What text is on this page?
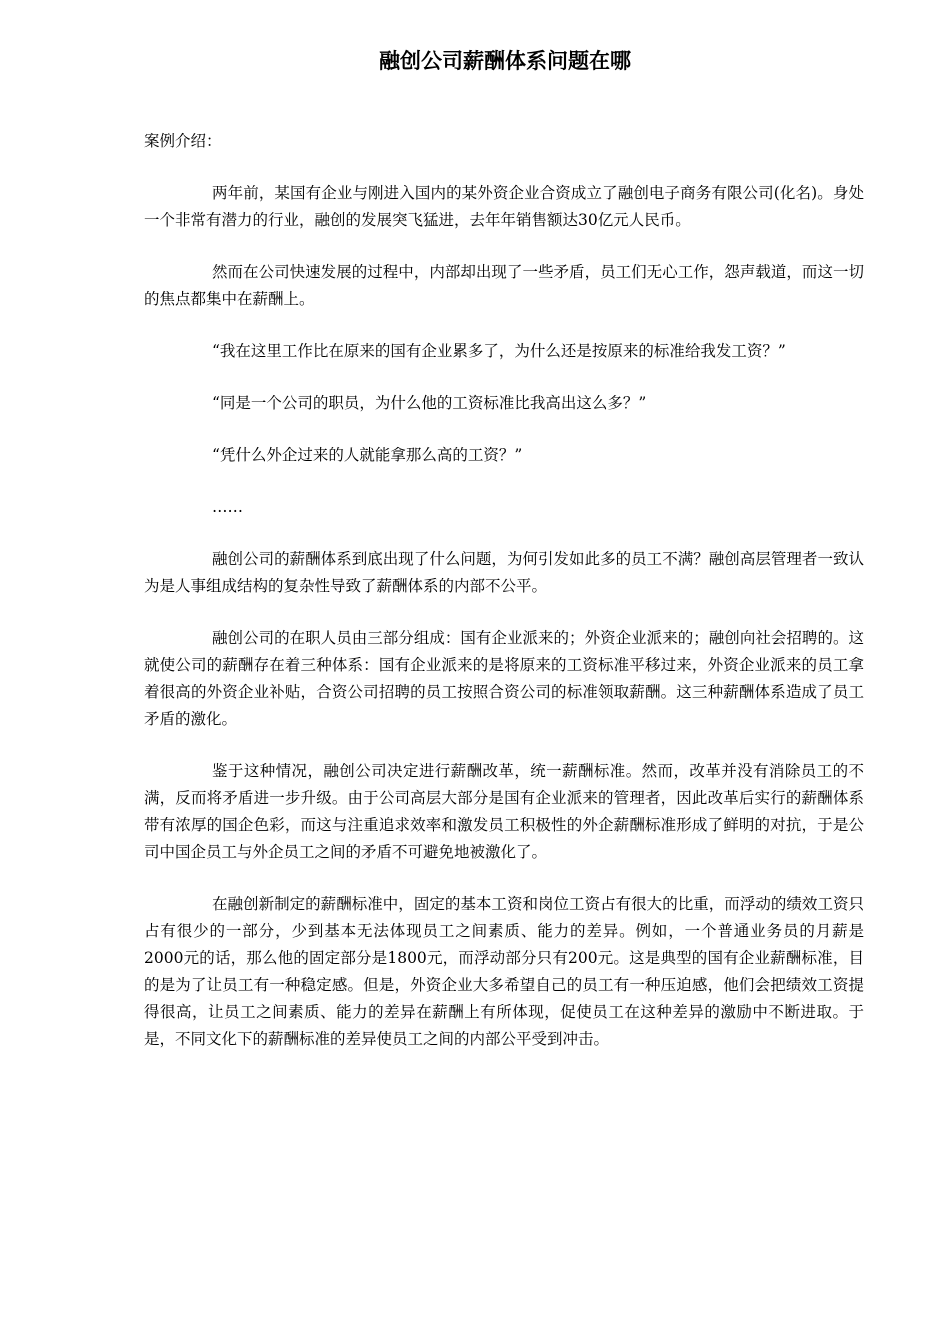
融创公司薪酬体系问题在哪

案例介绍：

两年前，某国有企业与刚进入国内的某外资企业合资成立了融创电子商务有限公司(化名)。身处一个非常有潜力的行业，融创的发展突飞猛进，去年年销售额达30亿元人民币。

然而在公司快速发展的过程中，内部却出现了一些矛盾，员工们无心工作，怨声载道，而这一切的焦点都集中在薪酬上。

“我在这里工作比在原来的国有企业累多了，为什么还是按原来的标准给我发工资？”

“同是一个公司的职员，为什么他的工资标准比我高出这么多？”

“凭什么外企过来的人就能拿那么高的工资？”

……

融创公司的薪酬体系到底出现了什么问题，为何引发如此多的员工不满？融创高层管理者一致认为是人事组成结构的复杂性导致了薪酬体系的内部不公平。

融创公司的在职人员由三部分组成：国有企业派来的；外资企业派来的；融创向社会招聘的。这就使公司的薪酬存在着三种体系：国有企业派来的是将原来的工资标准平移过来，外资企业派来的员工拿着很高的外资企业补贴，合资公司招聘的员工按照合资公司的标准领取薪酬。这三种薪酬体系造成了员工矛盾的激化。

鉴于这种情况，融创公司决定进行薪酬改革，统一薪酬标准。然而，改革并没有消除员工的不满，反而将矛盾进一步升级。由于公司高层大部分是国有企业派来的管理者，因此改革后实行的薪酬体系带有浓厚的国企色彩，而这与注重追求效率和激发员工积极性的外企薪酬标准形成了鲜明的对抗，于是公司中国企员工与外企员工之间的矛盾不可避免地被激化了。

在融创新制定的薪酬标准中，固定的基本工资和岗位工资占有很大的比重，而浮动的绩效工资只占有很少的一部分，少到基本无法体现员工之间素质、能力的差异。例如，一个普通业务员的月薪是2000元的话，那么他的固定部分是1800元，而浮动部分只有200元。这是典型的国有企业薪酬标准，目的是为了让员工有一种稳定感。但是，外资企业大多希望自己的员工有一种压迫感，他们会把绩效工资提得很高，让员工之间素质、能力的差异在薪酬上有所体现，促使员工在这种差异的激励中不断进取。于是，不同文化下的薪酬标准的差异使员工之间的内部公平受到冲击。
